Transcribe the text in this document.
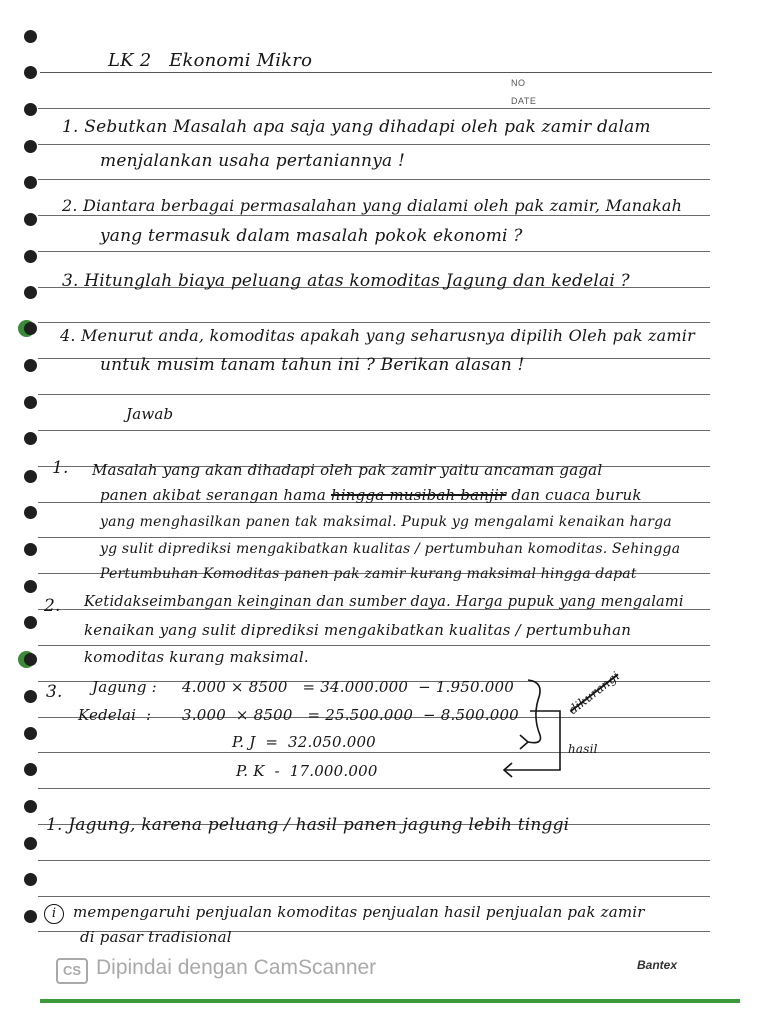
LK 2   Ekonomi Mikro
NO
DATE
1. Sebutkan Masalah apa saja yang dihadapi oleh pak zamir dalam
menjalankan usaha pertaniannya !
2. Diantara berbagai permasalahan yang dialami oleh pak zamir, Manakah
yang termasuk dalam masalah pokok ekonomi ?
3. Hitunglah biaya peluang atas komoditas Jagung dan kedelai ?
4. Menurut anda, komoditas apakah yang seharusnya dipilih Oleh pak zamir
untuk musim tanam tahun ini ? Berikan alasan !
Jawab
1. Masalah yang akan dihadapi oleh pak zamir yaitu ancaman gagal
panen akibat serangan hama hingga musibah banjir dan cuaca buruk
yang menghasilkan panen tak maksimal. Pupuk yg mengalami kenaikan harga
yg sulit diprediksi mengakibatkan kualitas / pertumbuhan komoditas. Sehingga
Pertumbuhan Komoditas panen pak zamir kurang maksimal hingga dapat
2. Ketidakseimbangan keinginan dan sumber daya. Harga pupuk yang mengalami
kenaikan yang sulit diprediksi mengakibatkan kualitas / pertumbuhan
komoditas kurang maksimal.
3. Jagung : 4.000 × 8500   = 34.000.000  − 1.950.000
Kedelai  : 3.000  × 8500   = 25.500.000  − 8.500.000
P. J  =  32.050.000
P. K  -  17.000.000
dikurangi
hasil
1. Jagung, karena peluang / hasil panen jagung lebih tinggi
i mempengaruhi penjualan komoditas penjualan hasil penjualan pak zamir
di pasar tradisional
CS Dipindai dengan CamScanner	Bantex
